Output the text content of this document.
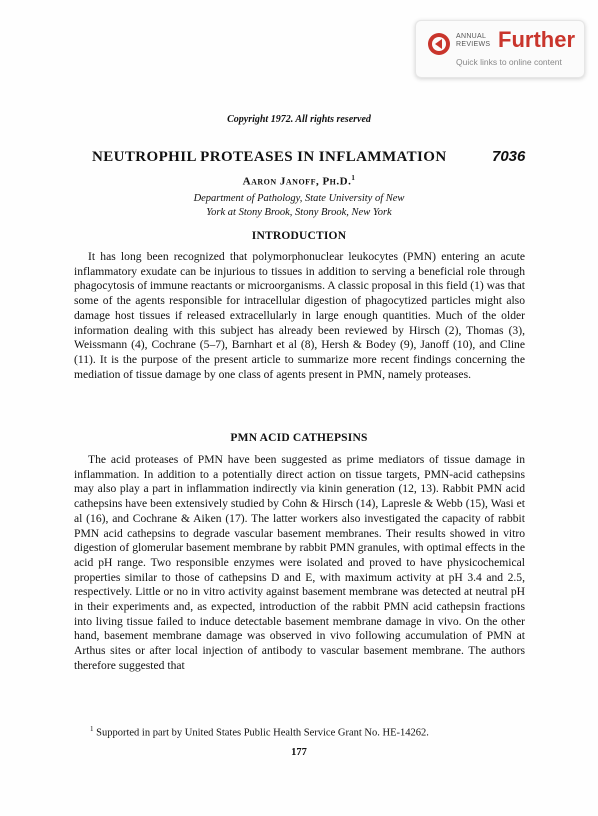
ANNUAL REVIEWS Further
Quick links to online content
Copyright 1972. All rights reserved
NEUTROPHIL PROTEASES IN INFLAMMATION	7036
Aaron Janoff, Ph.D.$^1$
Department of Pathology, State University of New
York at Stony Brook, Stony Brook, New York
INTRODUCTION

It has long been recognized that polymorphonuclear leukocytes (PMN) entering an acute inflammatory exudate can be injurious to tissues in addition to serving a beneficial role through phagocytosis of immune reactants or microorganisms. A classic proposal in this field (1) was that some of the agents responsible for intracellular digestion of phagocytized particles might also damage host tissues if released extracellularly in large enough quantities. Much of the older information dealing with this subject has already been reviewed by Hirsch (2), Thomas (3), Weissmann (4), Cochrane (5–7), Barnhart et al (8), Hersh & Bodey (9), Janoff (10), and Cline (11). It is the purpose of the present article to summarize more recent findings concerning the mediation of tissue damage by one class of agents present in PMN, namely proteases.

PMN ACID CATHEPSINS

The acid proteases of PMN have been suggested as prime mediators of tissue damage in inflammation. In addition to a potentially direct action on tissue targets, PMN-acid cathepsins may also play a part in inflammation indirectly via kinin generation (12, 13). Rabbit PMN acid cathepsins have been extensively studied by Cohn & Hirsch (14), Lapresle & Webb (15), Wasi et al (16), and Cochrane & Aiken (17). The latter workers also investigated the capacity of rabbit PMN acid cathepsins to degrade vascular basement membranes. Their results showed in vitro digestion of glomerular basement membrane by rabbit PMN granules, with optimal effects in the acid pH range. Two responsible enzymes were isolated and proved to have physicochemical properties similar to those of cathepsins D and E, with maximum activity at pH 3.4 and 2.5, respectively. Little or no in vitro activity against basement membrane was detected at neutral pH in their experiments and, as expected, introduction of the rabbit PMN acid cathepsin fractions into living tissue failed to induce detectable basement membrane damage in vivo. On the other hand, basement membrane damage was observed in vivo following accumulation of PMN at Arthus sites or after local injection of antibody to vascular basement membrane. The authors therefore suggested that

$^1$ Supported in part by United States Public Health Service Grant No. HE-14262.

177
